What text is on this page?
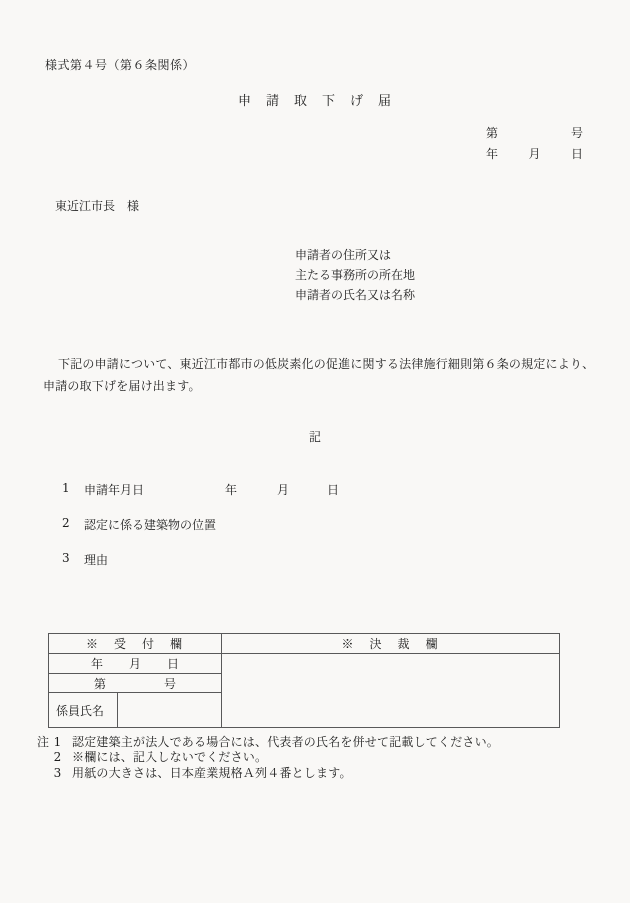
様式第４号（第６条関係）
申　請　取　下　げ　届
第	号
年	月	日
東近江市長　様
申請者の住所又は
主たる事務所の所在地
申請者の氏名又は名称
下記の申請について、東近江市都市の低炭素化の促進に関する法律施行細則第６条の規定により、
申請の取下げを届け出ます。
記
1 申請年月日	年	月	日
2 認定に係る建築物の位置
3 理由
※　受　付　欄
年 月 日
第	号
係員氏名
※　決　裁　欄
注 1 認定建築主が法人である場合には、代表者の氏名を併せて記載してください。
2 ※欄には、記入しないでください。
3 用紙の大きさは、日本産業規格Ａ列４番とします。
